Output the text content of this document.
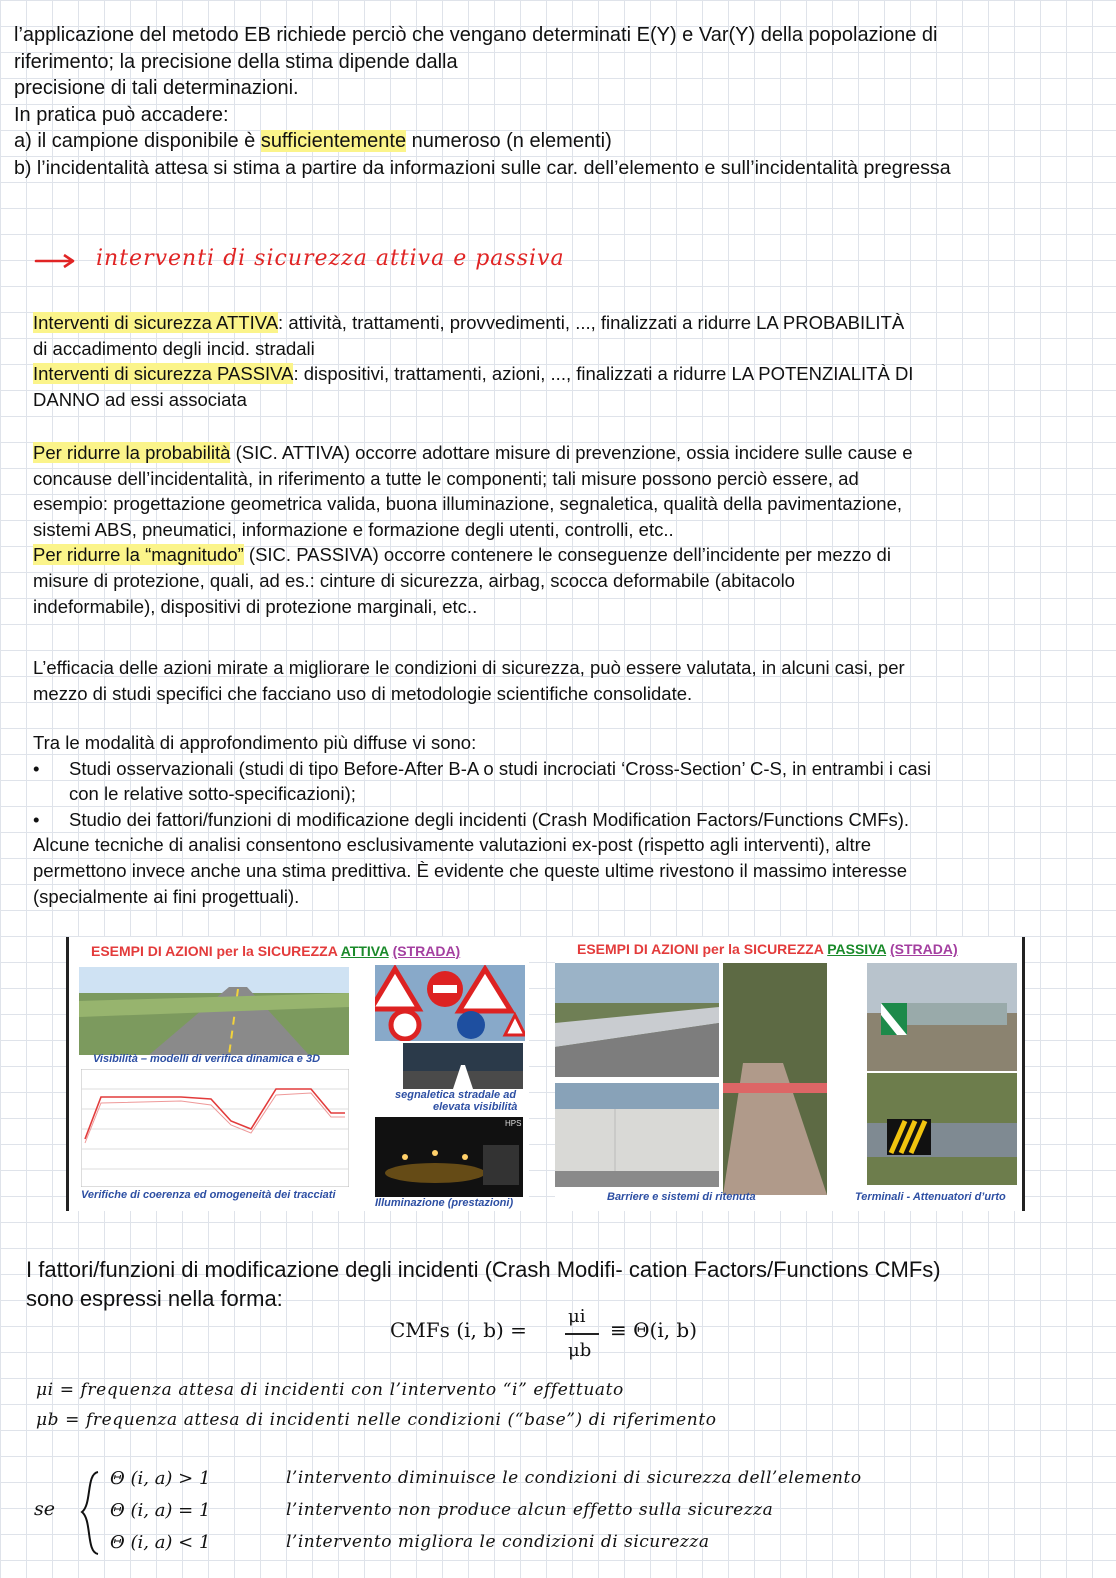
l’applicazione del metodo EB richiede perciò che vengano determinati E(Y) e Var(Y) della popolazione di
riferimento; la precisione della stima dipende dalla
precisione di tali determinazioni.
In pratica può accadere:
a) il campione disponibile è sufficientemente numeroso (n elementi)
b) l’incidentalità attesa si stima a partire da informazioni sulle car. dell’elemento e sull’incidentalità pregressa
interventi di sicurezza attiva e passiva
Interventi di sicurezza ATTIVA: attività, trattamenti, provvedimenti, ..., finalizzati a ridurre LA PROBABILITÀ
di accadimento degli incid. stradali
Interventi di sicurezza PASSIVA: dispositivi, trattamenti, azioni, ..., finalizzati a ridurre LA POTENZIALITÀ DI
DANNO ad essi associata
Per ridurre la probabilità (SIC. ATTIVA) occorre adottare misure di prevenzione, ossia incidere sulle cause e
concause dell’incidentalità, in riferimento a tutte le componenti; tali misure possono perciò essere, ad
esempio: progettazione geometrica valida, buona illuminazione, segnaletica, qualità della pavimentazione,
sistemi ABS, pneumatici, informazione e formazione degli utenti, controlli, etc..
Per ridurre la “magnitudo” (SIC. PASSIVA) occorre contenere le conseguenze dell’incidente per mezzo di
misure di protezione, quali, ad es.: cinture di sicurezza, airbag, scocca deformabile (abitacolo
indeformabile), dispositivi di protezione marginali, etc..
L’efficacia delle azioni mirate a migliorare le condizioni di sicurezza, può essere valutata, in alcuni casi, per
mezzo di studi specifici che facciano uso di metodologie scientifiche consolidate.
Tra le modalità di approfondimento più diffuse vi sono:
• Studi osservazionali (studi di tipo Before-After B-A o studi incrociati ‘Cross-Section’ C-S, in entrambi i casi
con le relative sotto-specificazioni);
• Studio dei fattori/funzioni di modificazione degli incidenti (Crash Modification Factors/Functions CMFs).
Alcune tecniche di analisi consentono esclusivamente valutazioni ex-post (rispetto agli interventi), altre
permettono invece anche una stima predittiva. È evidente che queste ultime rivestono il massimo interesse
(specialmente ai fini progettuali).
ESEMPI DI AZIONI per la SICUREZZA ATTIVA (STRADA)
Visibilità – modelli di verifica dinamica e 3D
Verifiche di coerenza ed omogeneità dei tracciati
segnaletica stradale ad
elevata visibilità
HPS
Illuminazione (prestazioni)
ESEMPI DI AZIONI per la SICUREZZA PASSIVA (STRADA)
Barriere e sistemi di ritenuta	Terminali - Attenuatori d’urto
I fattori/funzioni di modificazione degli incidenti (Crash Modifi- cation Factors/Functions CMFs)
sono espressi nella forma:
CMFs (i, b) =
μi
μb
≡ Θ(i, b)
μi = frequenza attesa di incidenti con l’intervento “i” effettuato
μb = frequenza attesa di incidenti nelle condizioni (“base”) di riferimento
se
Θ (i, a) > 1	l’intervento diminuisce le condizioni di sicurezza dell’elemento
Θ (i, a) = 1	l’intervento non produce alcun effetto sulla sicurezza
Θ (i, a) < 1	l’intervento migliora le condizioni di sicurezza
